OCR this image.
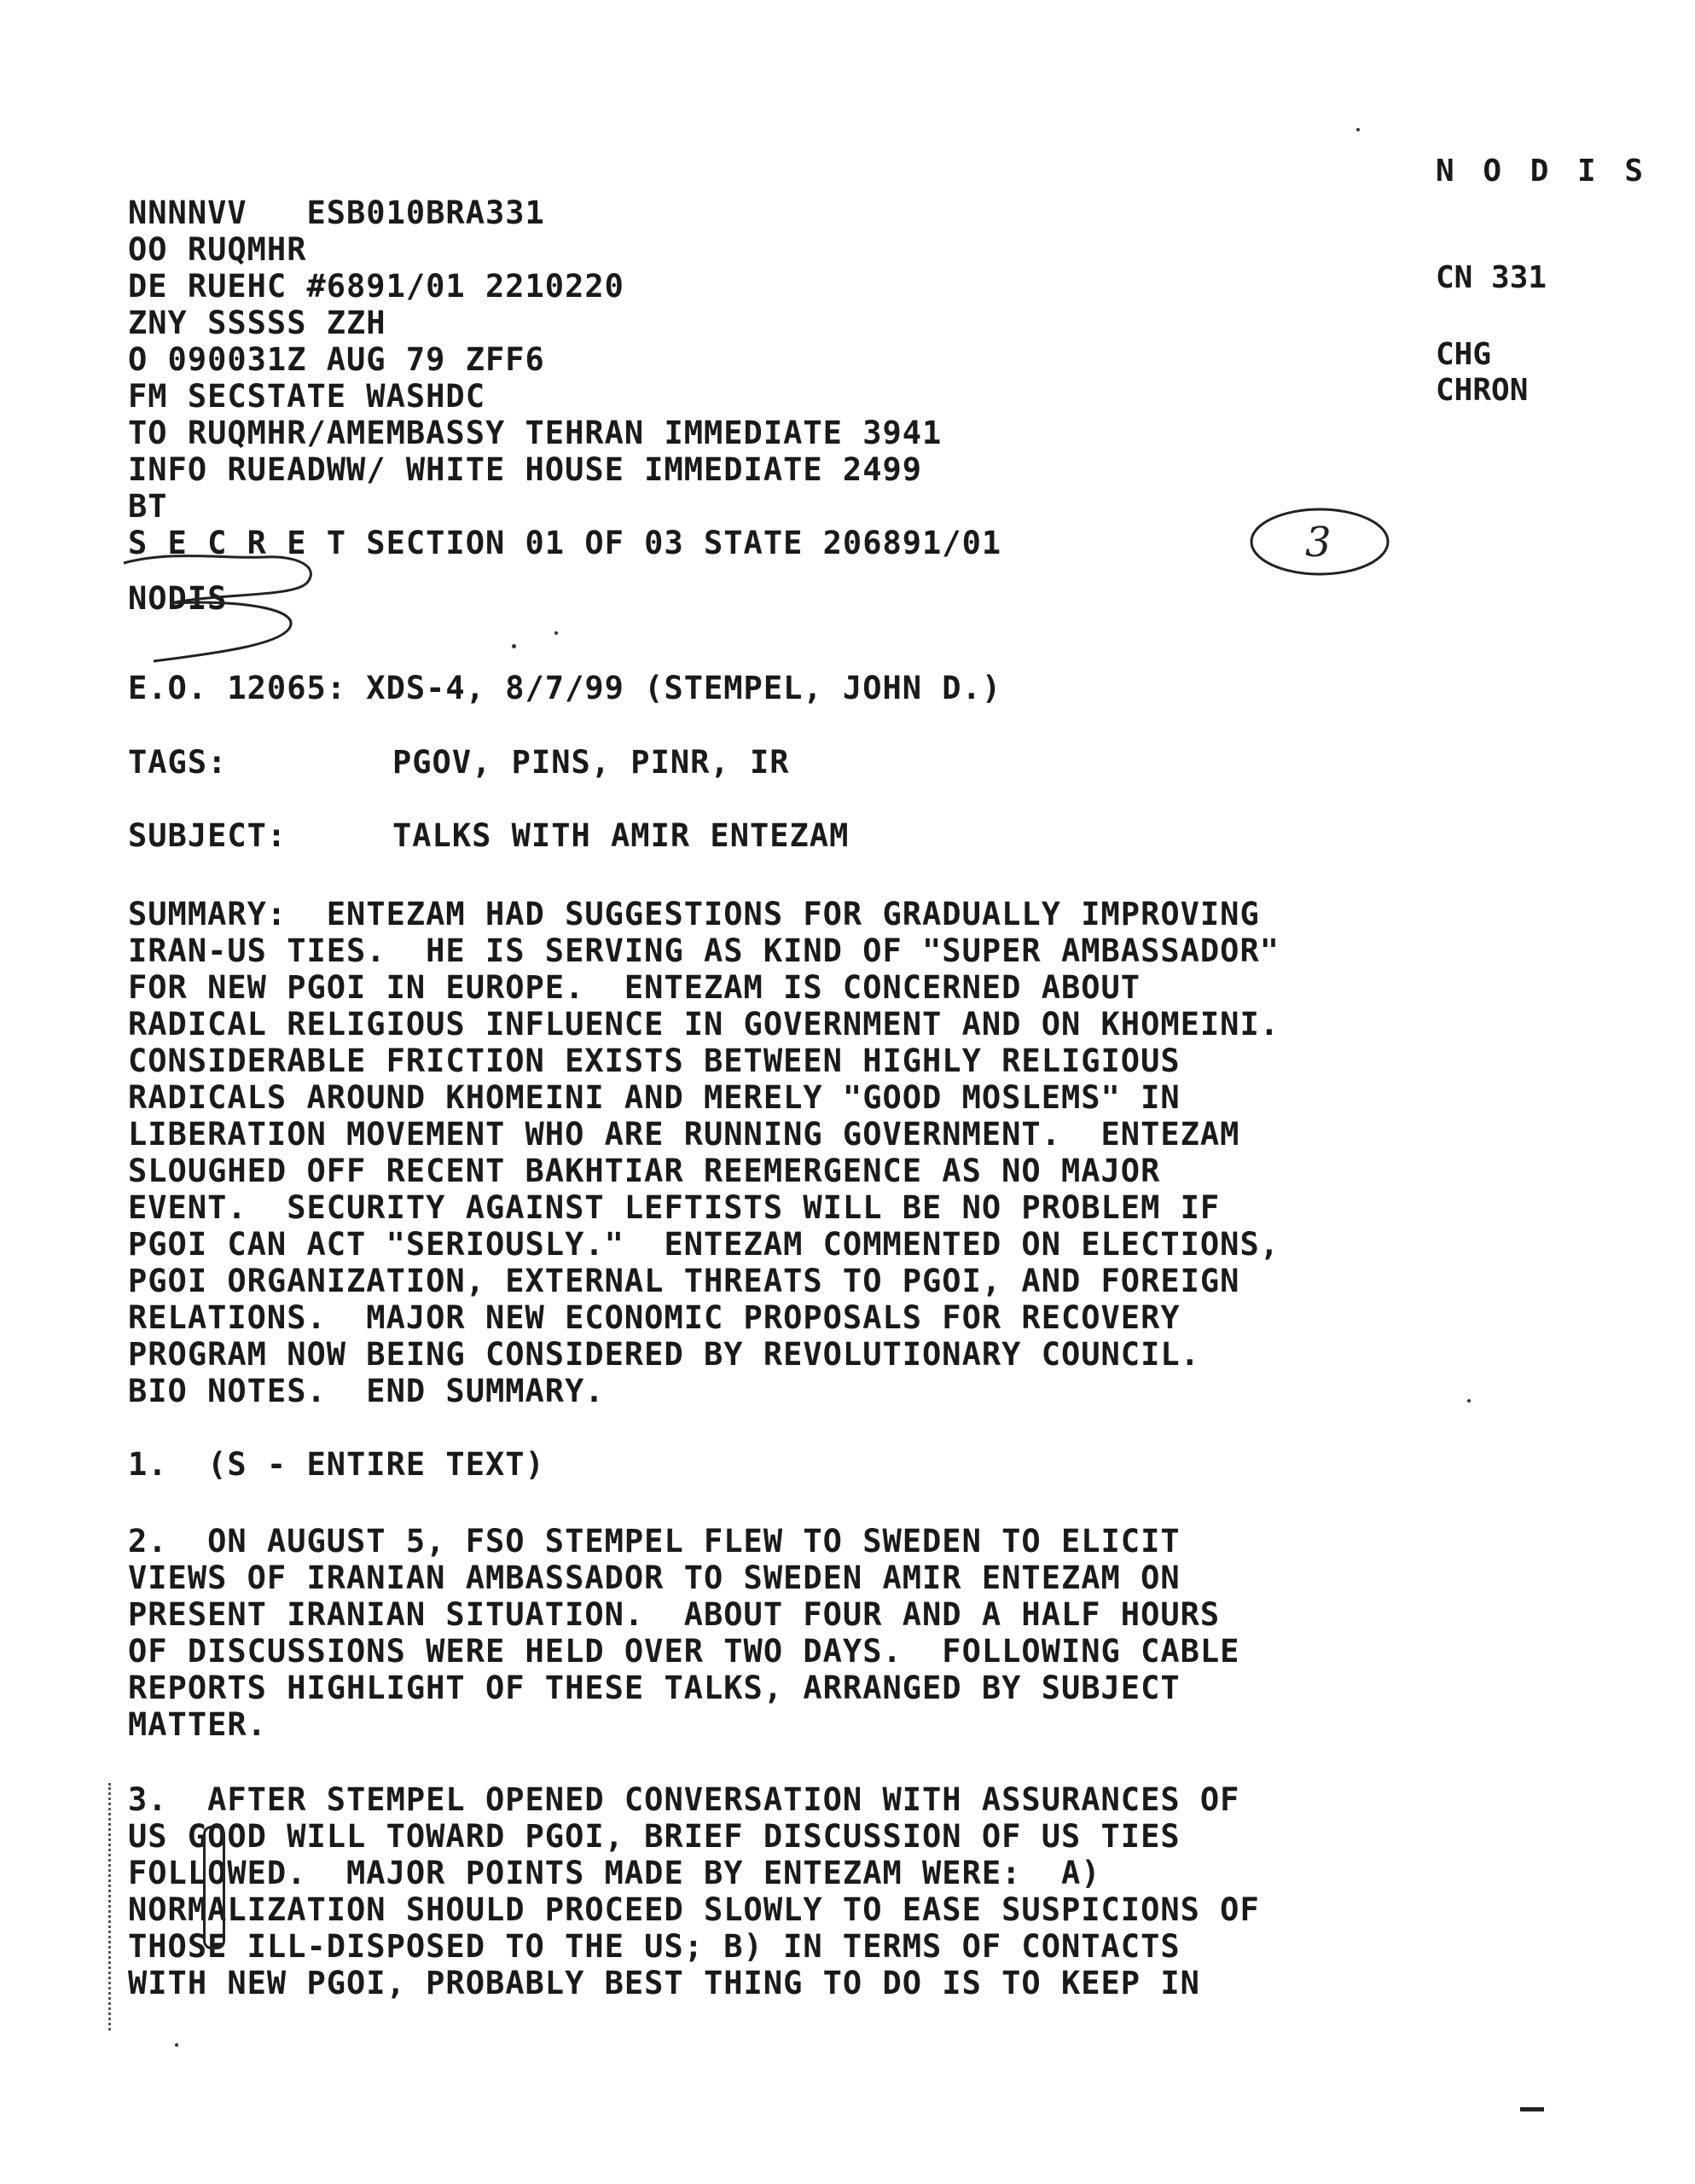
NNNNVV   ESB010BRA331
OO RUQMHR
DE RUEHC #6891/01 2210220
ZNY SSSSS ZZH
O 090031Z AUG 79 ZFF6
FM SECSTATE WASHDC
TO RUQMHR/AMEMBASSY TEHRAN IMMEDIATE 3941
INFO RUEADWW/ WHITE HOUSE IMMEDIATE 2499
BT
S E C R E T SECTION 01 OF 03 STATE 206891/01
NODIS
N O D I S
CN 331
CHG
CHRON
3
E.O. 12065: XDS-4, 8/7/99 (STEMPEL, JOHN D.)
TAGS:	PGOV, PINS, PINR, IR
SUBJECT:	TALKS WITH AMIR ENTEZAM
SUMMARY:  ENTEZAM HAD SUGGESTIONS FOR GRADUALLY IMPROVING
IRAN-US TIES.  HE IS SERVING AS KIND OF "SUPER AMBASSADOR"
FOR NEW PGOI IN EUROPE.  ENTEZAM IS CONCERNED ABOUT
RADICAL RELIGIOUS INFLUENCE IN GOVERNMENT AND ON KHOMEINI.
CONSIDERABLE FRICTION EXISTS BETWEEN HIGHLY RELIGIOUS
RADICALS AROUND KHOMEINI AND MERELY "GOOD MOSLEMS" IN
LIBERATION MOVEMENT WHO ARE RUNNING GOVERNMENT.  ENTEZAM
SLOUGHED OFF RECENT BAKHTIAR REEMERGENCE AS NO MAJOR
EVENT.  SECURITY AGAINST LEFTISTS WILL BE NO PROBLEM IF
PGOI CAN ACT "SERIOUSLY."  ENTEZAM COMMENTED ON ELECTIONS,
PGOI ORGANIZATION, EXTERNAL THREATS TO PGOI, AND FOREIGN
RELATIONS.  MAJOR NEW ECONOMIC PROPOSALS FOR RECOVERY
PROGRAM NOW BEING CONSIDERED BY REVOLUTIONARY COUNCIL.
BIO NOTES.  END SUMMARY.
1.  (S - ENTIRE TEXT)
2.  ON AUGUST 5, FSO STEMPEL FLEW TO SWEDEN TO ELICIT
VIEWS OF IRANIAN AMBASSADOR TO SWEDEN AMIR ENTEZAM ON
PRESENT IRANIAN SITUATION.  ABOUT FOUR AND A HALF HOURS
OF DISCUSSIONS WERE HELD OVER TWO DAYS.  FOLLOWING CABLE
REPORTS HIGHLIGHT OF THESE TALKS, ARRANGED BY SUBJECT
MATTER.
3.  AFTER STEMPEL OPENED CONVERSATION WITH ASSURANCES OF
US GOOD WILL TOWARD PGOI, BRIEF DISCUSSION OF US TIES
FOLLOWED.  MAJOR POINTS MADE BY ENTEZAM WERE:  A)
NORMALIZATION SHOULD PROCEED SLOWLY TO EASE SUSPICIONS OF
THOSE ILL-DISPOSED TO THE US; B) IN TERMS OF CONTACTS
WITH NEW PGOI, PROBABLY BEST THING TO DO IS TO KEEP IN
